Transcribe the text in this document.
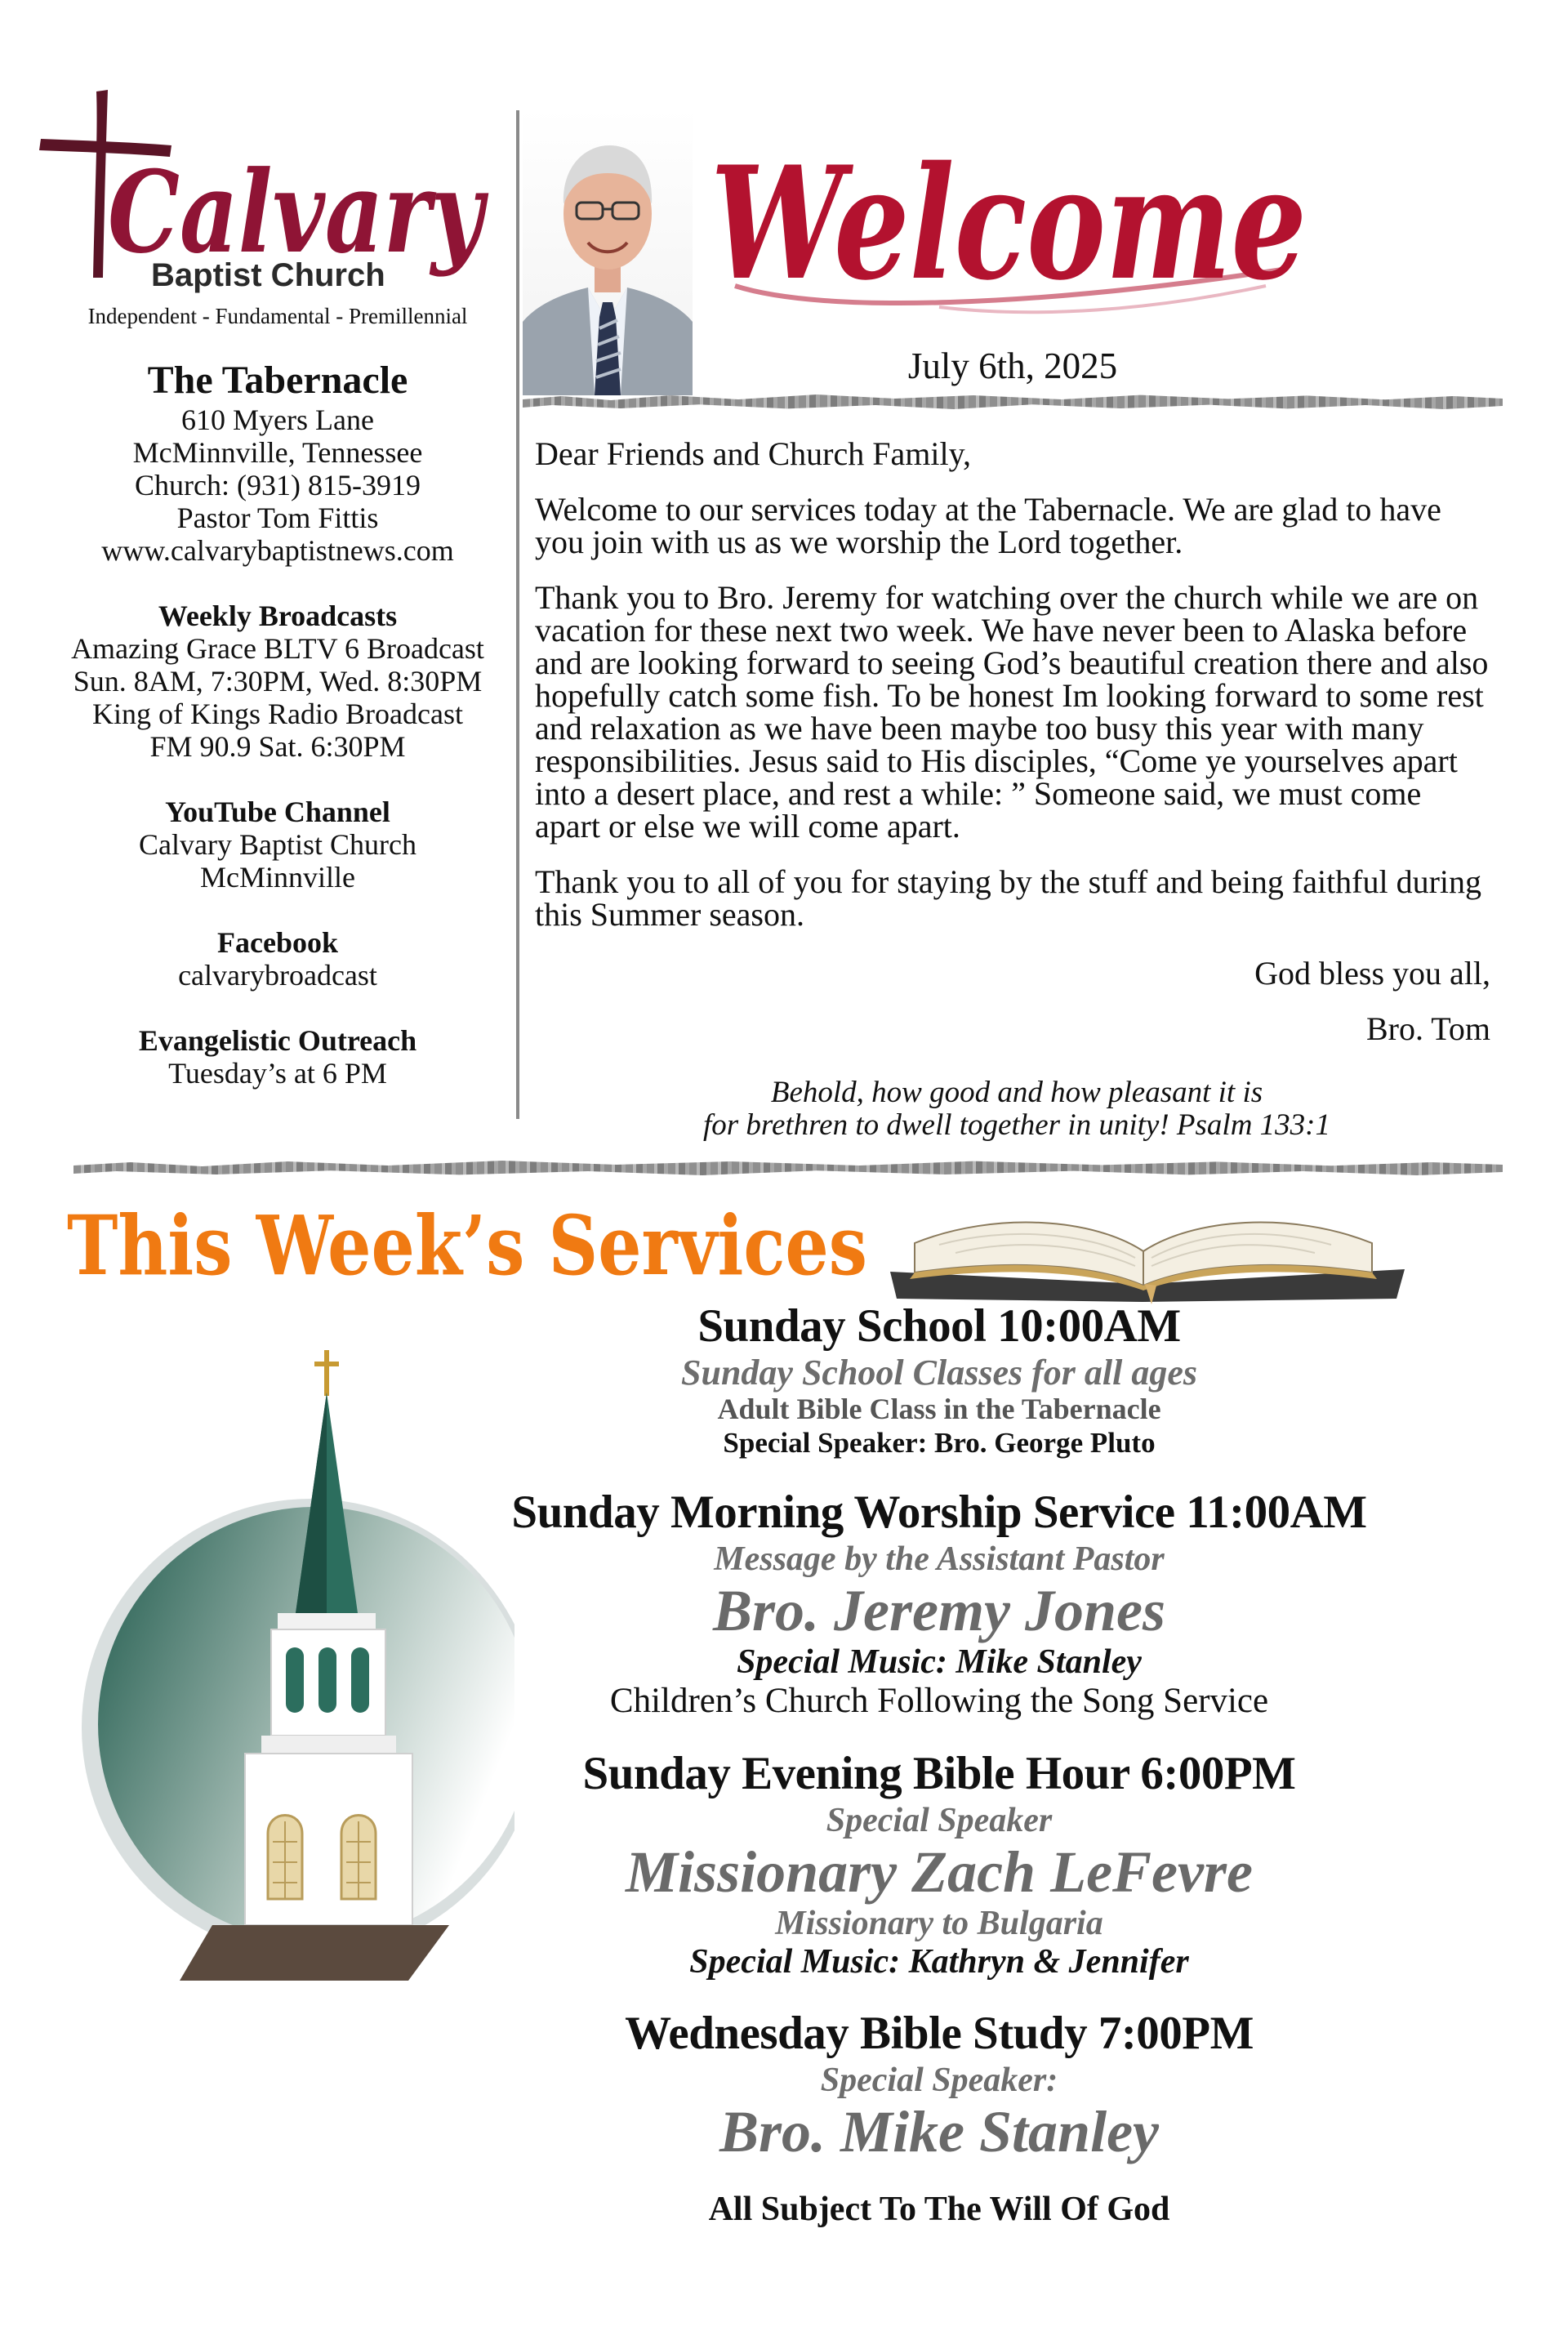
Calvary
Baptist Church
Independent - Fundamental - Premillennial
The Tabernacle
610 Myers Lane
McMinnville, Tennessee
Church: (931) 815-3919
Pastor Tom Fittis
www.calvarybaptistnews.com
Weekly Broadcasts
Amazing Grace BLTV 6 Broadcast
Sun. 8AM, 7:30PM, Wed. 8:30PM
King of Kings Radio Broadcast
FM 90.9 Sat. 6:30PM
YouTube Channel
Calvary Baptist Church
McMinnville
Facebook
calvarybroadcast
Evangelistic Outreach
Tuesday’s at 6 PM
Welcome
July 6th, 2025

Dear Friends and Church Family,

Welcome to our services today at the Tabernacle. We are glad to have you join with us as we worship the Lord together.

Thank you to Bro. Jeremy for watching over the church while we are on vacation for these next two week. We have never been to Alaska before and are looking forward to seeing God’s beautiful creation there and also hopefully catch some fish. To be honest Im looking forward to some rest and relaxation as we have been maybe too busy this year with many responsibilities. Jesus said to His disciples, “Come ye yourselves apart into a desert place, and rest a while: ” Someone said, we must come apart or else we will come apart.

Thank you to all of you for staying by the stuff and being faithful during this Summer season.

God bless you all,
Bro. Tom
Behold, how good and how pleasant it is
for brethren to dwell together in unity! Psalm 133:1
This Week’s Services
Sunday School 10:00AM
Sunday School Classes for all ages
Adult Bible Class in the Tabernacle
Special Speaker: Bro. George Pluto
Sunday Morning Worship Service 11:00AM
Message by the Assistant Pastor
Bro. Jeremy Jones
Special Music: Mike Stanley
Children’s Church Following the Song Service
Sunday Evening Bible Hour 6:00PM
Special Speaker
Missionary Zach LeFevre
Missionary to Bulgaria
Special Music: Kathryn & Jennifer
Wednesday Bible Study 7:00PM
Special Speaker:
Bro. Mike Stanley
All Subject To The Will Of God
